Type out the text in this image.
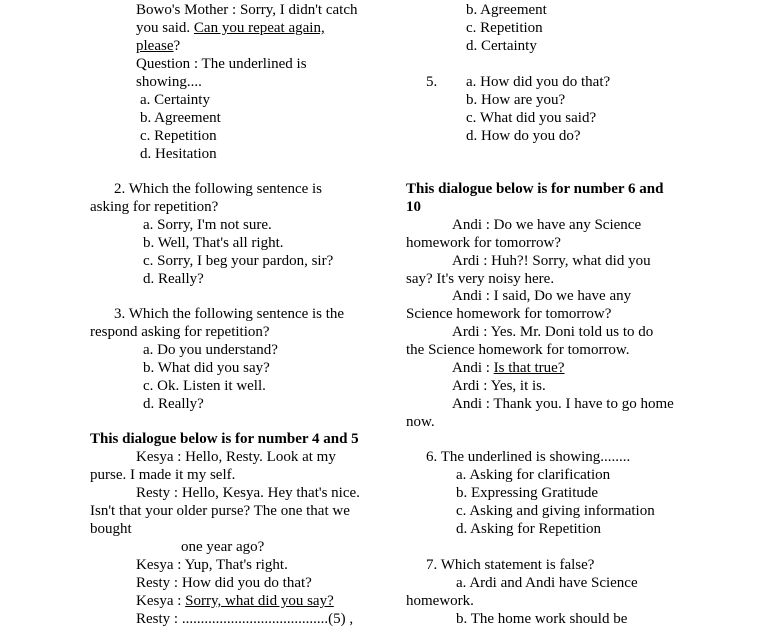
Bowo's Mother : Sorry, I didn't catch
you said. Can you repeat again,
please?
Question : The underlined is
showing....
a. Certainty
b. Agreement
c. Repetition
d. Hesitation
2. Which the following sentence is
asking for repetition?
a. Sorry, I'm not sure.
b. Well, That's all right.
c. Sorry, I beg your pardon, sir?
d. Really?
3. Which the following sentence is the
respond asking for repetition?
a. Do you understand?
b. What did you say?
c. Ok. Listen it well.
d. Really?
This dialogue below is for number 4 and 5
Kesya : Hello, Resty. Look at my
purse. I made it my self.
Resty : Hello, Kesya. Hey that's nice.
Isn't that your older purse? The one that we
bought
one year ago?
Kesya : Yup, That's right.
Resty : How did you do that?
Kesya : Sorry, what did you say?
Resty : .......................................(5) ,
b. Agreement
c. Repetition
d. Certainty
5. a. How did you do that?
b. How are you?
c. What did you said?
d. How do you do?
This dialogue below is for number 6 and
10
Andi : Do we have any Science
homework for tomorrow?
Ardi : Huh?! Sorry, what did you
say? It's very noisy here.
Andi : I said, Do we have any
Science homework for tomorrow?
Ardi : Yes. Mr. Doni told us to do
the Science homework for tomorrow.
Andi : Is that true?
Ardi : Yes, it is.
Andi : Thank you. I have to go home
now.
6. The underlined is showing........
a. Asking for clarification
b. Expressing Gratitude
c. Asking and giving information
d. Asking for Repetition
7. Which statement is false?
a. Ardi and Andi have Science
homework.
b. The home work should be
